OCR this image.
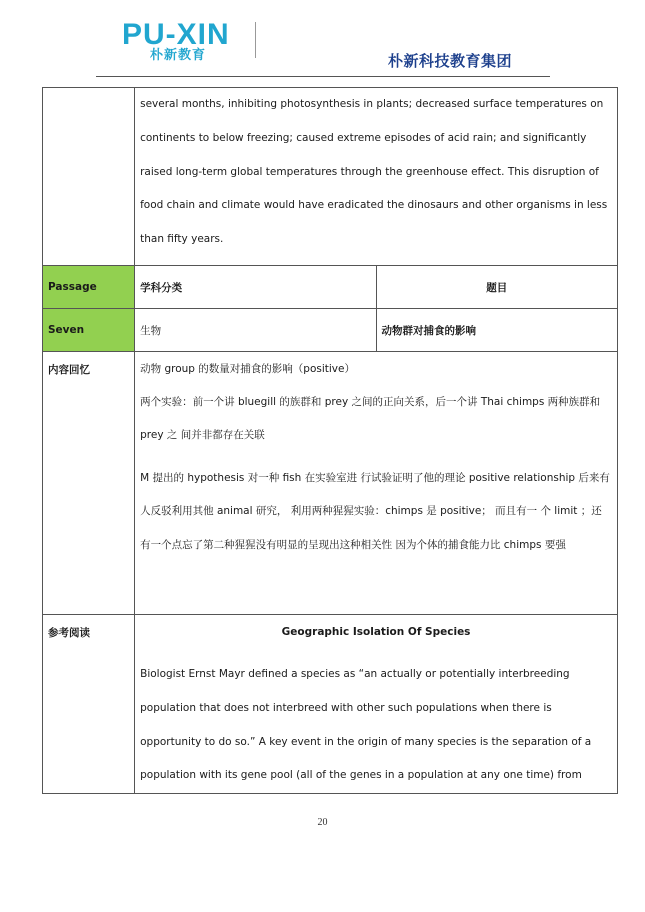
PU-XIN
朴新教育	朴新科技教育集团

	several months, inhibiting photosynthesis in plants; decreased surface temperatures on continents to below freezing; caused extreme episodes of acid rain; and significantly raised long-term global temperatures through the greenhouse effect. This disruption of food chain and climate would have eradicated the dinosaurs and other organisms in less than fifty years.	

Passage	学科分类	题目
Seven	生物	动物群对捕食的影响
内容回忆	动物 group 的数量对捕食的影响（positive）
两个实验：前一个讲 bluegill 的族群和 prey 之间的正向关系，后一个讲 Thai chimps 两种族群和 prey 之 间并非都存在关联
M 提出的 hypothesis 对一种 fish 在实验室进 行试验证明了他的理论 positive relationship 后来有人反驳利用其他 animal 研究， 利用两种猩猩实验：chimps 是 positive； 而且有一 个 limit ；还有一个点忘了第二种猩猩没有明显的呈现出这种相关性 因为个体的捕食能力比 chimps 要强	

参考阅读	Geographic Isolation Of Species
Biologist Ernst Mayr defined a species as “an actually or potentially interbreeding population that does not interbreed with other such populations when there is opportunity to do so.” A key event in the origin of many species is the separation of a population with its gene pool (all of the genes in a population at any one time) from	
20
